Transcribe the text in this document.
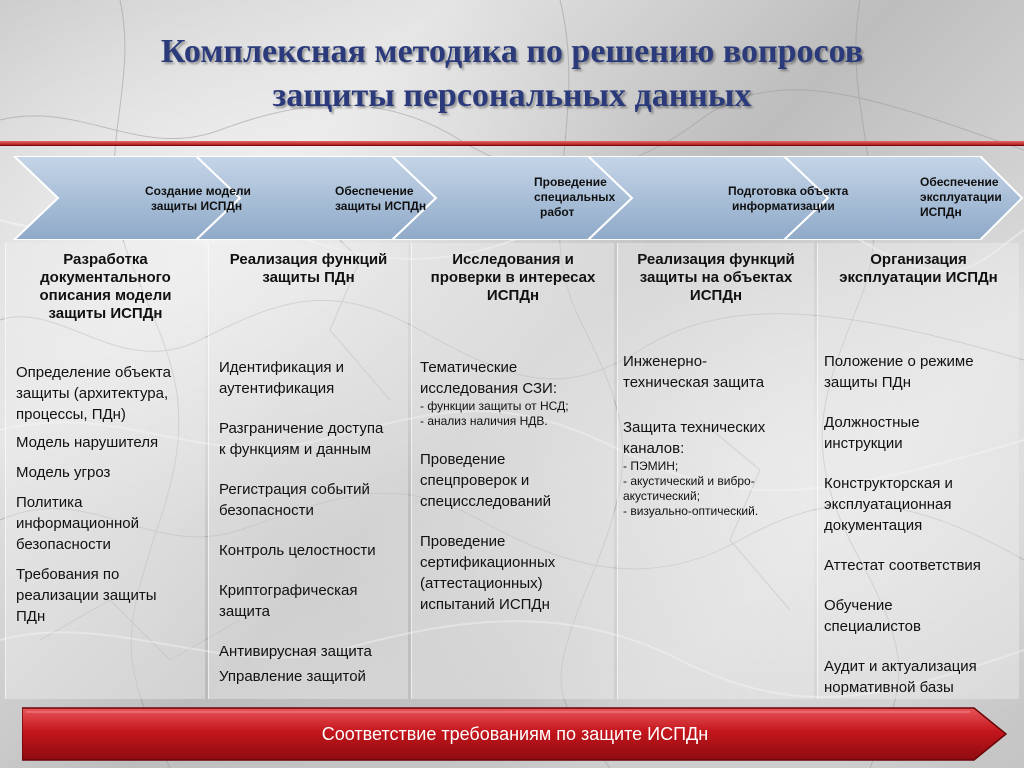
Комплексная методика по решению вопросов
защиты персональных данных
Создание модели
защиты ИСПДн
Обеспечение
защиты ИСПДн
Проведение
специальных
работ
Подготовка объекта
информатизации
Обеспечение
эксплуатации
ИСПДн
Разработка
документального
описания модели
защиты ИСПДн
Определение объекта
защиты (архитектура,
процессы, ПДн)
Модель нарушителя
Модель угроз
Политика
информационной
безопасности
Требования по
реализации защиты
ПДн
Реализация функций
защиты ПДн
Идентификация и
аутентификация
Разграничение доступа
к функциям и данным
Регистрация событий
безопасности
Контроль целостности
Криптографическая
защита
Антивирусная защита
Управление защитой
Исследования и
проверки в интересах
ИСПДн
Тематические
исследования СЗИ:
- функции защиты от НСД;
- анализ наличия НДВ.
Проведение
спецпроверок и
специсследований
Проведение
сертификационных
(аттестационных)
испытаний ИСПДн
Реализация функций
защиты на объектах
ИСПДн
Инженерно-
техническая защита
Защита технических
каналов:
- ПЭМИН;
- акустический и вибро-
акустический;
- визуально-оптический.
Организация
эксплуатации ИСПДн
Положение о режиме
защиты ПДн
Должностные
инструкции
Конструкторская и
эксплуатационная
документация
Аттестат соответствия
Обучение
специалистов
Аудит и актуализация
нормативной базы
Соответствие требованиям по защите ИСПДн
